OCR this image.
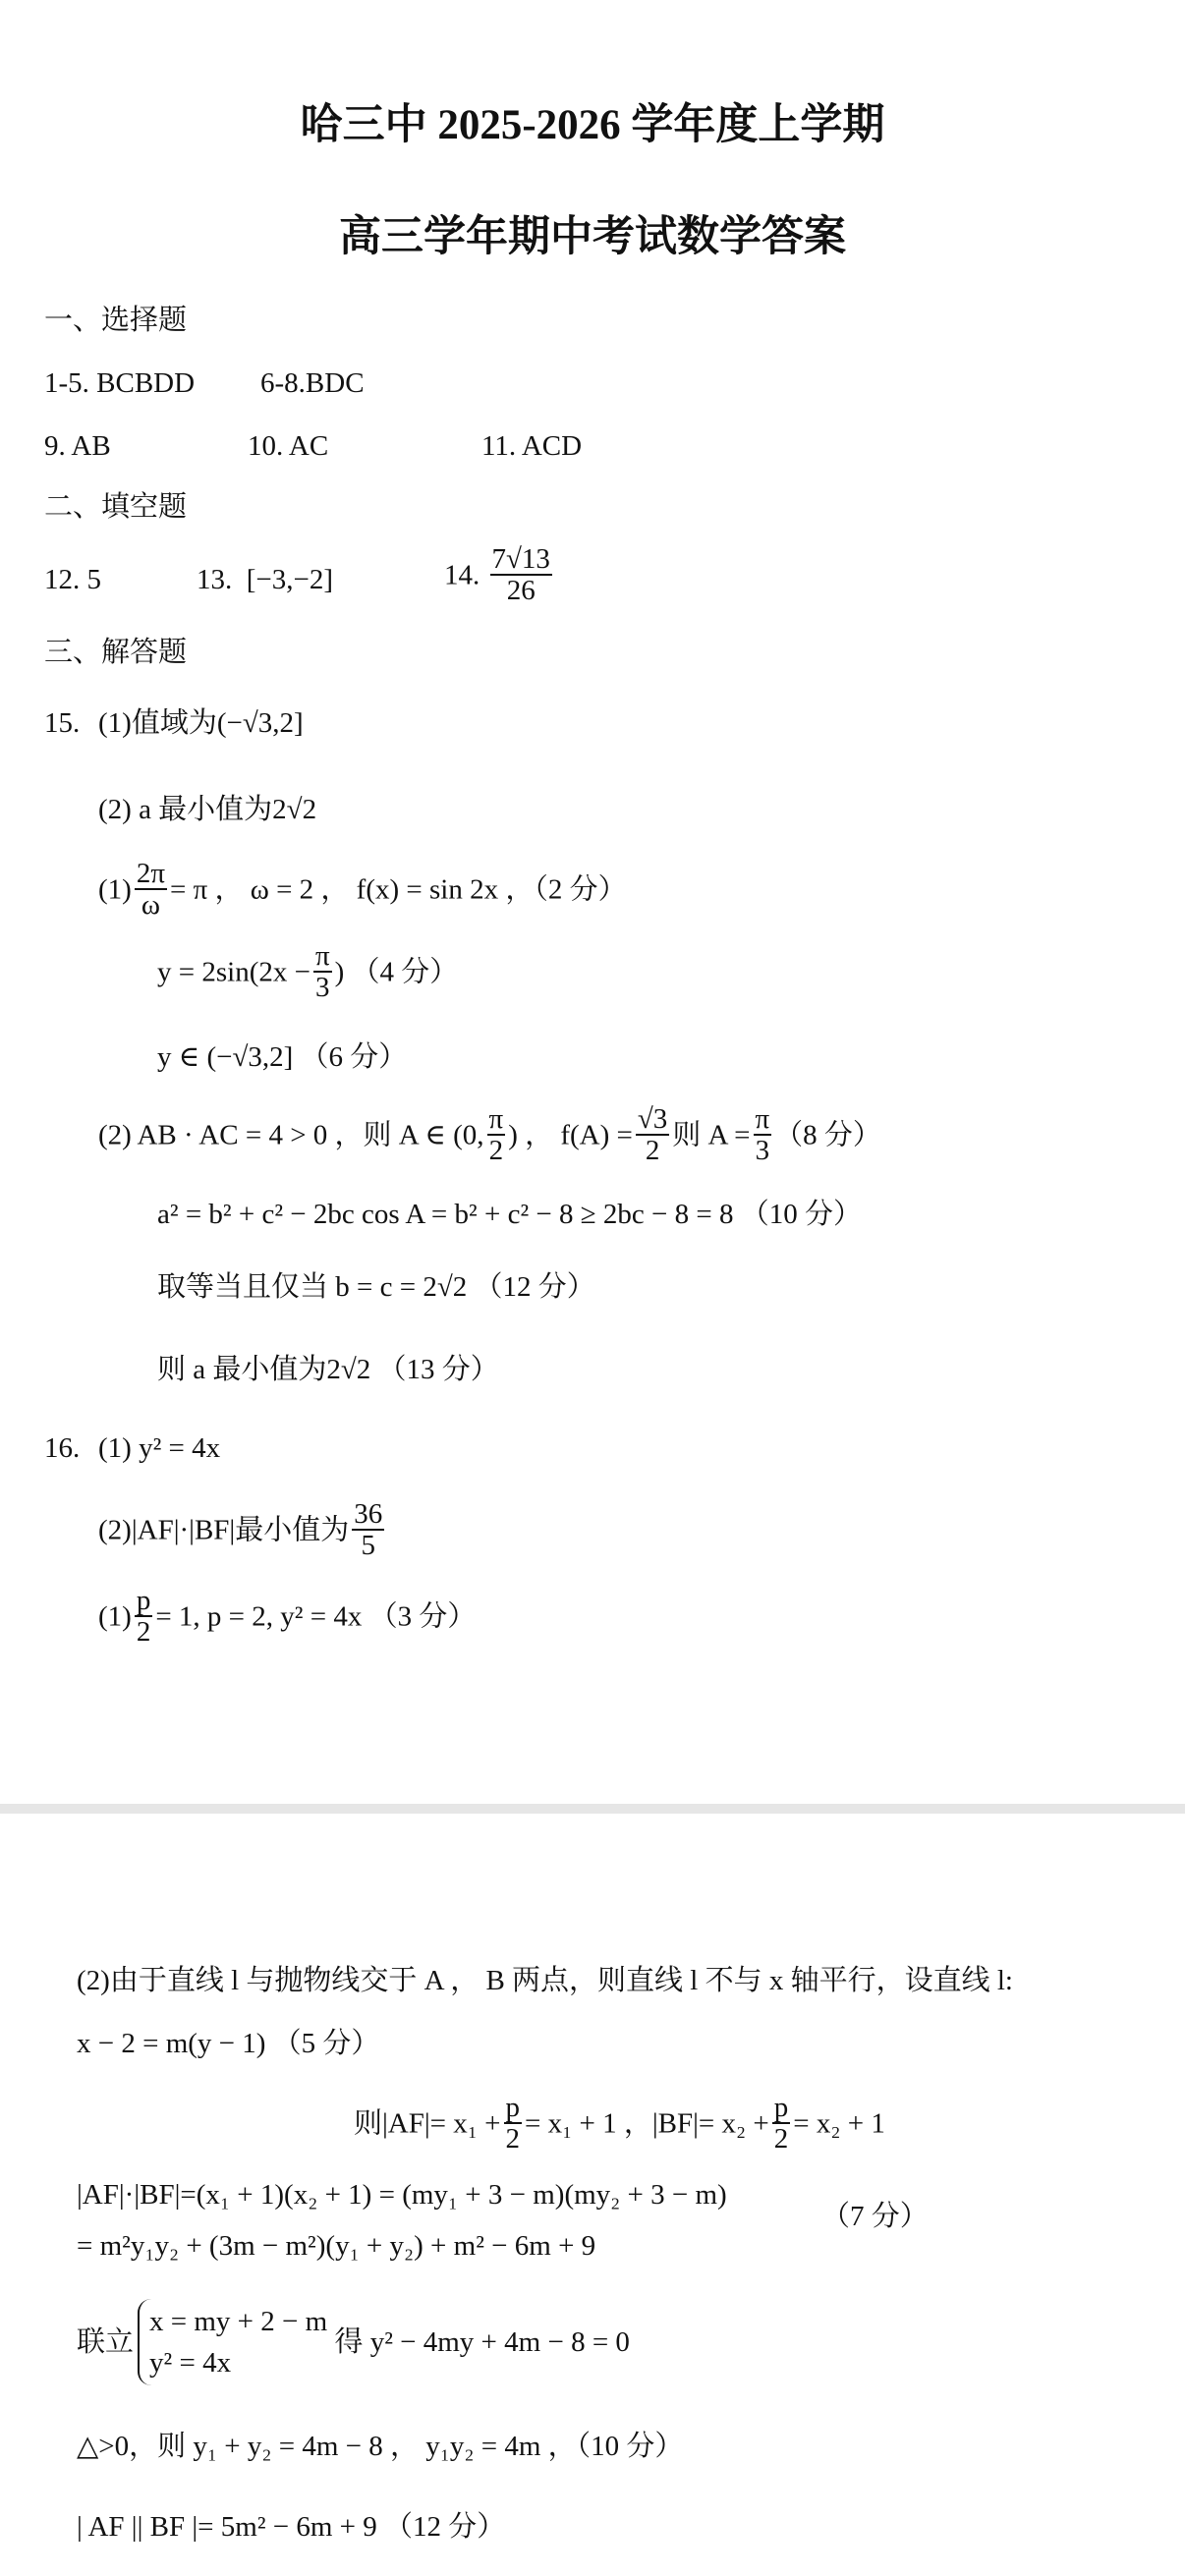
哈三中 2025-2026 学年度上学期
高三学年期中考试数学答案
一、选择题
1-5. BCBDD 6-8.BDC
9. AB	10. AC	11. ACD
二、填空题
12. 5	13. [−3,−2]	14. $\frac{7√13}{26}$
三、解答题
15. (1)值域为(−√3,2]
(2) a 最小值为2√2
$(1) \frac{2\pi}{\omega} = \pi$ ， ω = 2 ， f(x) = sin 2x ，（2 分）
$y = 2\sin(2x - \frac{\pi}{3}$ ) （4 分）
y ∈ (−√3,2] （6 分）
(2) AB · AC = 4 > 0 ，则 A ∈ (0, $\frac{\pi}{2}$ ) ， $f(A) = \frac{√3}{2}$ 则 $A = \frac{\pi}{3} (8$ 分）
a² = b² + c² − 2bc cos A = b² + c² − 8 ≥ 2bc − 8 = 8 （10 分）
取等当且仅当 b = c = 2√2 （12 分）
则 a 最小值为2√2 （13 分）
16. (1) y² = 4x
(2)|AF|·|BF|最小值为 $\frac{36}{5}$
$(1) \frac{p}{2} = 1$, p = 2, y² = 4x （3 分）
(2)由于直线 l 与抛物线交于 A ， B 两点，则直线 l 不与 x 轴平行，设直线 l:
x − 2 = m(y − 1) （5 分）
则$|AF|= x_1 + \frac{p}{2} = x_1 + 1$ ，$|BF|= x_2 + \frac{p}{2} = x_2 + 1$
|AF|·|BF|=(x₁ + 1)(x₂ + 1) = (my₁ + 3 − m)(my₂ + 3 − m)
（7 分）
= m²y₁y₂ + (3m − m²)(y₁ + y₂) + m² − 6m + 9
联立
x = my + 2 − m
y² = 4x
得 y² − 4my + 4m − 8 = 0
△>0，则 y₁ + y₂ = 4m − 8 ， y₁y₂ = 4m ，（10 分）
| AF || BF |= 5m² − 6m + 9 （12 分）
